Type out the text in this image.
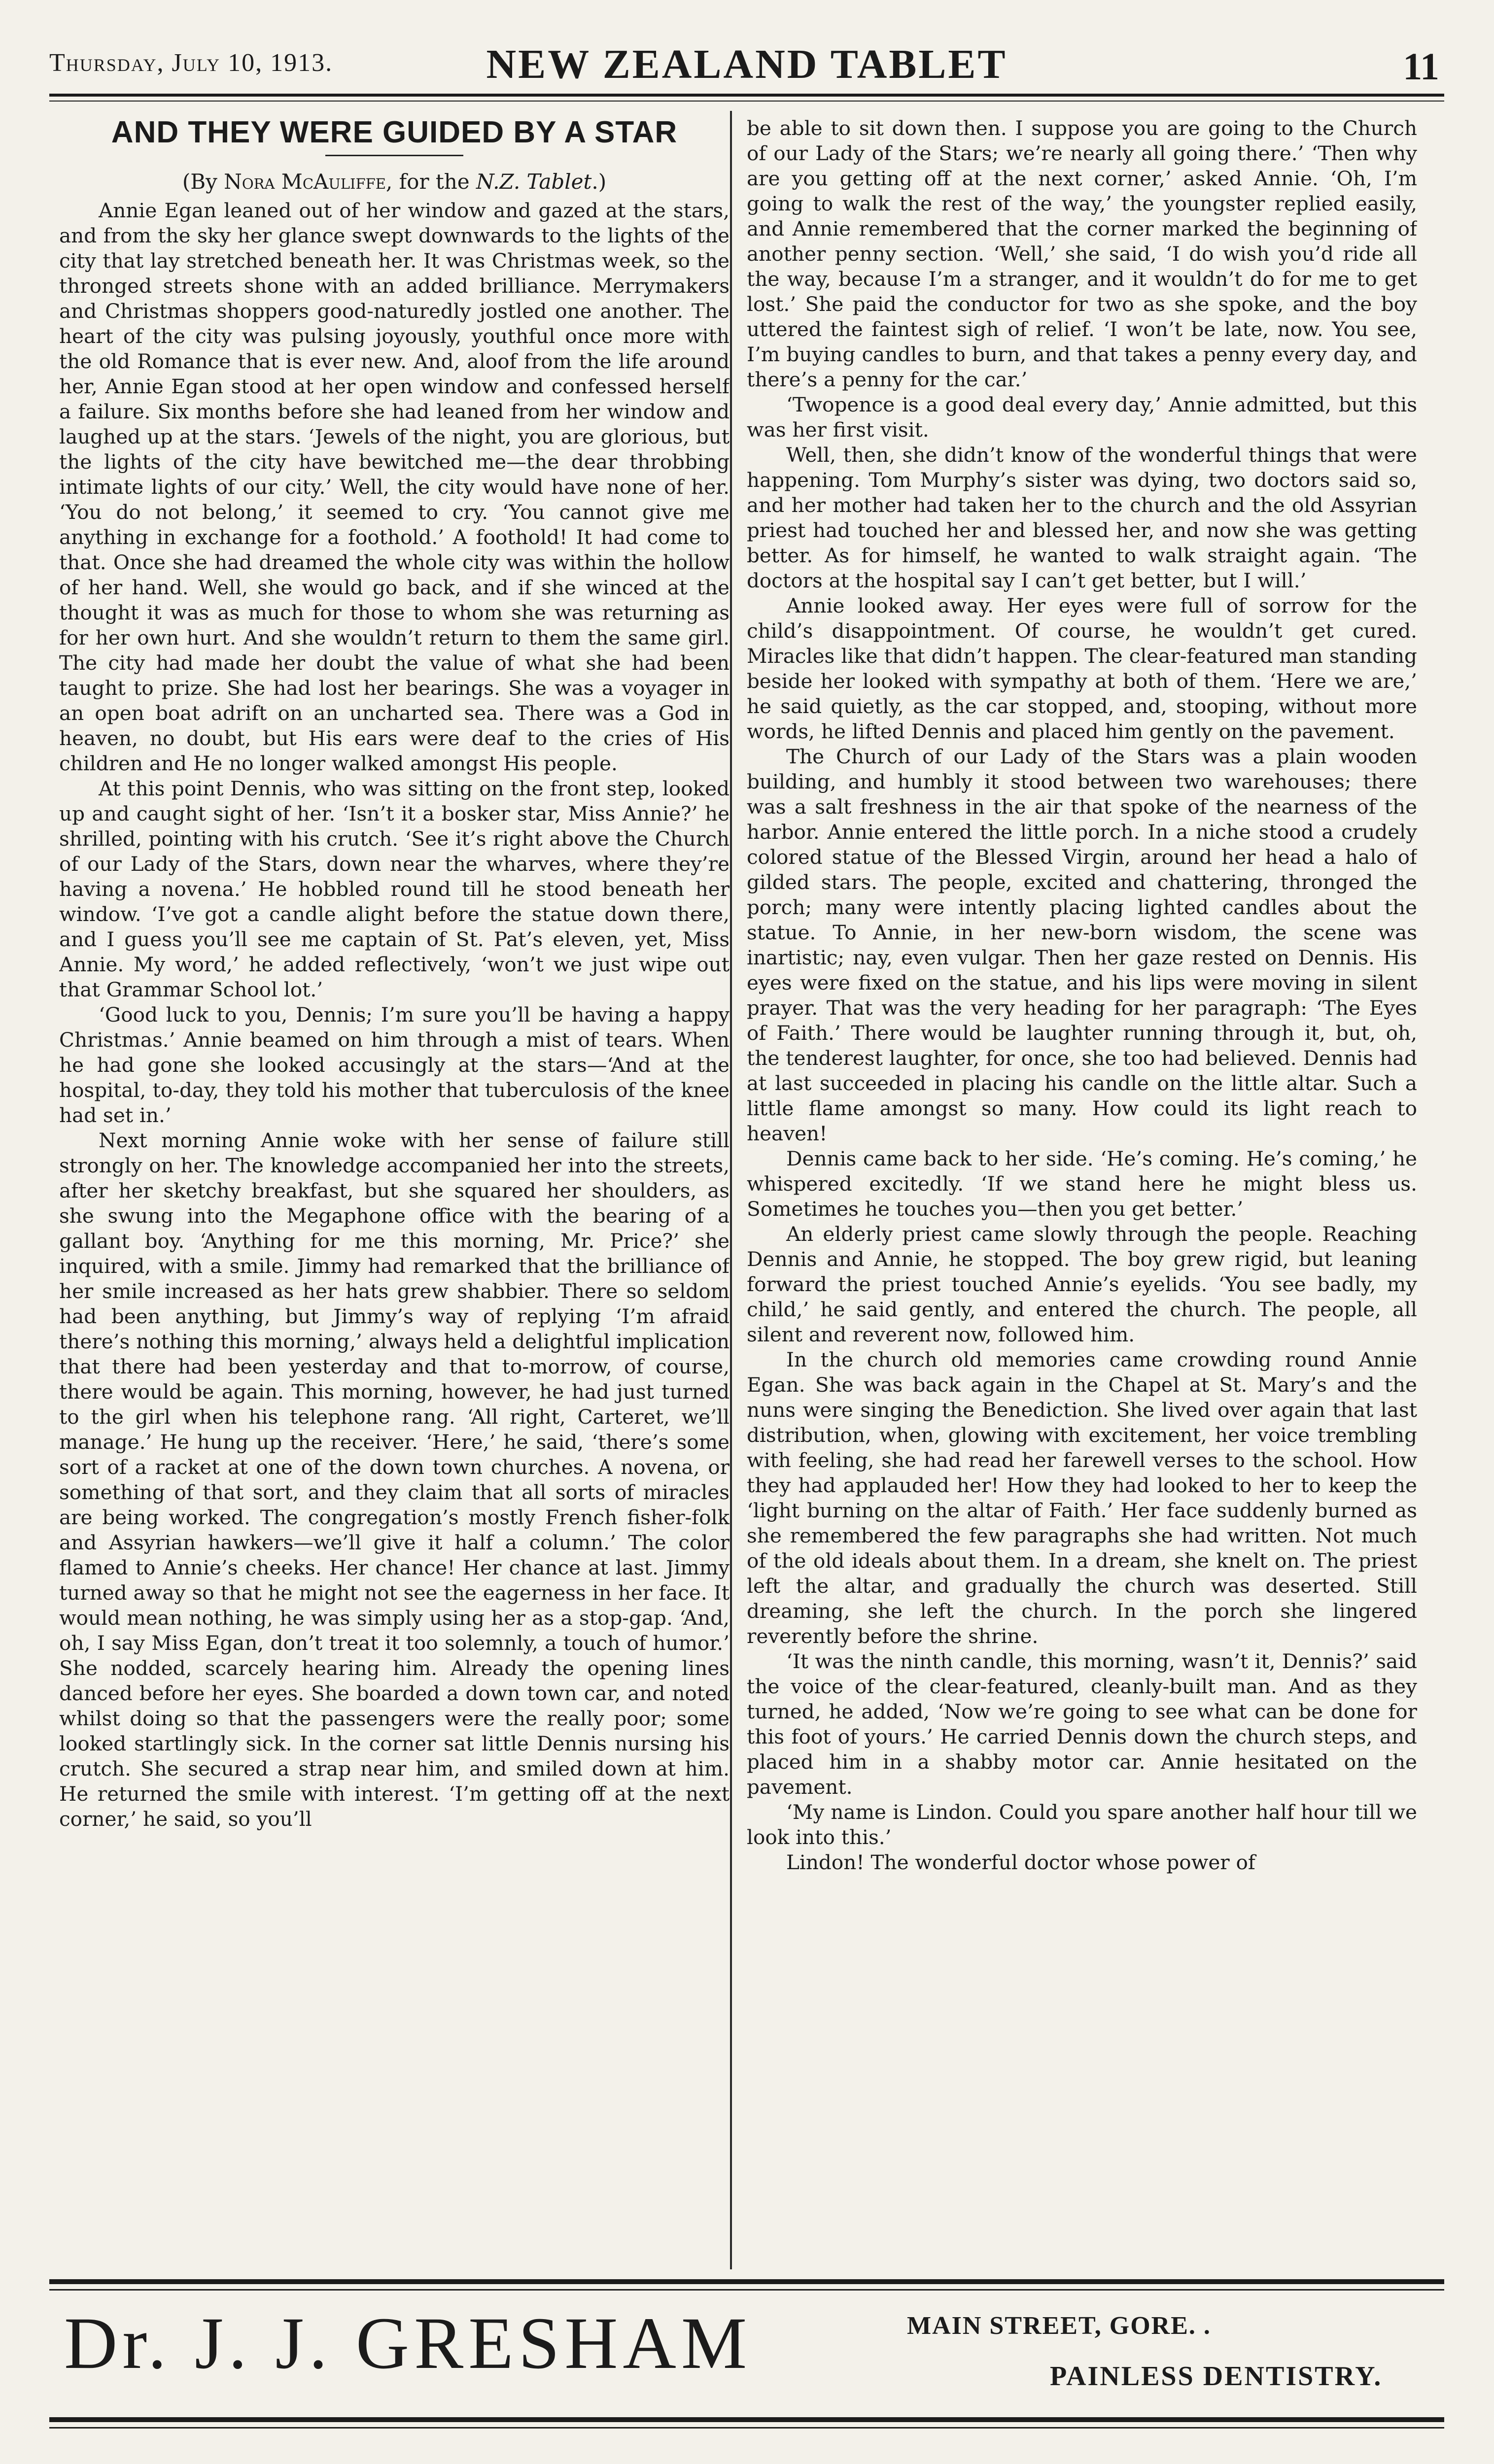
Thursday, July 10, 1913.	NEW ZEALAND TABLET	11
AND THEY WERE GUIDED BY A STAR
(By Nora McAuliffe, for the N.Z. Tablet.)

Annie Egan leaned out of her window and gazed at the stars, and from the sky her glance swept downwards to the lights of the city that lay stretched beneath her. It was Christmas week, so the thronged streets shone with an added brilliance. Merrymakers and Christmas shoppers good-naturedly jostled one another. The heart of the city was pulsing joyously, youthful once more with the old Romance that is ever new. And, aloof from the life around her, Annie Egan stood at her open window and confessed herself a failure. Six months before she had leaned from her window and laughed up at the stars. ‘Jewels of the night, you are glorious, but the lights of the city have bewitched me—the dear throbbing intimate lights of our city.’ Well, the city would have none of her. ‘You do not belong,’ it seemed to cry. ‘You cannot give me anything in exchange for a foothold.’ A foothold! It had come to that. Once she had dreamed the whole city was within the hollow of her hand. Well, she would go back, and if she winced at the thought it was as much for those to whom she was returning as for her own hurt. And she wouldn’t return to them the same girl. The city had made her doubt the value of what she had been taught to prize. She had lost her bearings. She was a voyager in an open boat adrift on an uncharted sea. There was a God in heaven, no doubt, but His ears were deaf to the cries of His children and He no longer walked amongst His people.

At this point Dennis, who was sitting on the front step, looked up and caught sight of her. ‘Isn’t it a bosker star, Miss Annie?’ he shrilled, pointing with his crutch. ‘See it’s right above the Church of our Lady of the Stars, down near the wharves, where they’re having a novena.’ He hobbled round till he stood beneath her window. ‘I’ve got a candle alight before the statue down there, and I guess you’ll see me captain of St. Pat’s eleven, yet, Miss Annie. My word,’ he added reflectively, ‘won’t we just wipe out that Grammar School lot.’

‘Good luck to you, Dennis; I’m sure you’ll be having a happy Christmas.’ Annie beamed on him through a mist of tears. When he had gone she looked accusingly at the stars—‘And at the hospital, to-day, they told his mother that tuberculosis of the knee had set in.’

Next morning Annie woke with her sense of failure still strongly on her. The knowledge accompanied her into the streets, after her sketchy breakfast, but she squared her shoulders, as she swung into the Megaphone office with the bearing of a gallant boy. ‘Anything for me this morning, Mr. Price?’ she inquired, with a smile. Jimmy had remarked that the brilliance of her smile increased as her hats grew shabbier. There so seldom had been anything, but Jimmy’s way of replying ‘I’m afraid there’s nothing this morning,’ always held a delightful implication that there had been yesterday and that to-morrow, of course, there would be again. This morning, however, he had just turned to the girl when his telephone rang. ‘All right, Carteret, we’ll manage.’ He hung up the receiver. ‘Here,’ he said, ‘there’s some sort of a racket at one of the down town churches. A novena, or something of that sort, and they claim that all sorts of miracles are being worked. The congregation’s mostly French fisher-folk and Assyrian hawkers—we’ll give it half a column.’ The color flamed to Annie’s cheeks. Her chance! Her chance at last. Jimmy turned away so that he might not see the eagerness in her face. It would mean nothing, he was simply using her as a stop-gap. ‘And, oh, I say Miss Egan, don’t treat it too solemnly, a touch of humor.’ She nodded, scarcely hearing him. Already the opening lines danced before her eyes. She boarded a down town car, and noted whilst doing so that the passengers were the really poor; some looked startlingly sick. In the corner sat little Dennis nursing his crutch. She secured a strap near him, and smiled down at him. He returned the smile with interest. ‘I’m getting off at the next corner,’ he said, so you’ll

be able to sit down then. I suppose you are going to the Church of our Lady of the Stars; we’re nearly all going there.’ ‘Then why are you getting off at the next corner,’ asked Annie. ‘Oh, I’m going to walk the rest of the way,’ the youngster replied easily, and Annie remembered that the corner marked the beginning of another penny section. ‘Well,’ she said, ‘I do wish you’d ride all the way, because I’m a stranger, and it wouldn’t do for me to get lost.’ She paid the conductor for two as she spoke, and the boy uttered the faintest sigh of relief. ‘I won’t be late, now. You see, I’m buying candles to burn, and that takes a penny every day, and there’s a penny for the car.’

‘Twopence is a good deal every day,’ Annie admitted, but this was her first visit.

Well, then, she didn’t know of the wonderful things that were happening. Tom Murphy’s sister was dying, two doctors said so, and her mother had taken her to the church and the old Assyrian priest had touched her and blessed her, and now she was getting better. As for himself, he wanted to walk straight again. ‘The doctors at the hospital say I can’t get better, but I will.’

Annie looked away. Her eyes were full of sorrow for the child’s disappointment. Of course, he wouldn’t get cured. Miracles like that didn’t happen. The clear-featured man standing beside her looked with sympathy at both of them. ‘Here we are,’ he said quietly, as the car stopped, and, stooping, without more words, he lifted Dennis and placed him gently on the pavement.

The Church of our Lady of the Stars was a plain wooden building, and humbly it stood between two warehouses; there was a salt freshness in the air that spoke of the nearness of the harbor. Annie entered the little porch. In a niche stood a crudely colored statue of the Blessed Virgin, around her head a halo of gilded stars. The people, excited and chattering, thronged the porch; many were intently placing lighted candles about the statue. To Annie, in her new-born wisdom, the scene was inartistic; nay, even vulgar. Then her gaze rested on Dennis. His eyes were fixed on the statue, and his lips were moving in silent prayer. That was the very heading for her paragraph: ‘The Eyes of Faith.’ There would be laughter running through it, but, oh, the tenderest laughter, for once, she too had believed. Dennis had at last succeeded in placing his candle on the little altar. Such a little flame amongst so many. How could its light reach to heaven!

Dennis came back to her side. ‘He’s coming. He’s coming,’ he whispered excitedly. ‘If we stand here he might bless us. Sometimes he touches you—then you get better.’

An elderly priest came slowly through the people. Reaching Dennis and Annie, he stopped. The boy grew rigid, but leaning forward the priest touched Annie’s eyelids. ‘You see badly, my child,’ he said gently, and entered the church. The people, all silent and reverent now, followed him.

In the church old memories came crowding round Annie Egan. She was back again in the Chapel at St. Mary’s and the nuns were singing the Benediction. She lived over again that last distribution, when, glowing with excitement, her voice trembling with feeling, she had read her farewell verses to the school. How they had applauded her! How they had looked to her to keep the ‘light burning on the altar of Faith.’ Her face suddenly burned as she remembered the few paragraphs she had written. Not much of the old ideals about them. In a dream, she knelt on. The priest left the altar, and gradually the church was deserted. Still dreaming, she left the church. In the porch she lingered reverently before the shrine.

‘It was the ninth candle, this morning, wasn’t it, Dennis?’ said the voice of the clear-featured, cleanly-built man. And as they turned, he added, ‘Now we’re going to see what can be done for this foot of yours.’ He carried Dennis down the church steps, and placed him in a shabby motor car. Annie hesitated on the pavement.

‘My name is Lindon. Could you spare another half hour till we look into this.’

Lindon! The wonderful doctor whose power of

Dr. J. J. GRESHAM	MAIN STREET, GORE. .
PAINLESS DENTISTRY.
